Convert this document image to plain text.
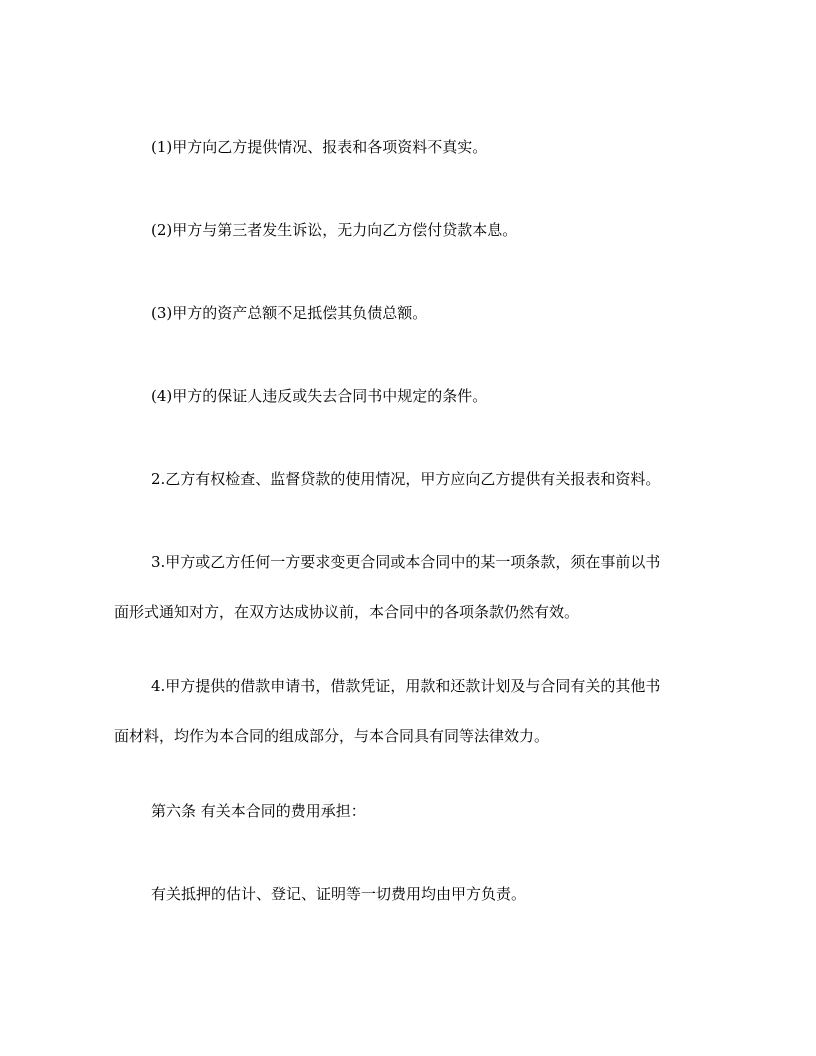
(1)甲方向乙方提供情况、报表和各项资料不真实。

(2)甲方与第三者发生诉讼，无力向乙方偿付贷款本息。

(3)甲方的资产总额不足抵偿其负债总额。

(4)甲方的保证人违反或失去合同书中规定的条件。

2.乙方有权检查、监督贷款的使用情况，甲方应向乙方提供有关报表和资料。

3.甲方或乙方任何一方要求变更合同或本合同中的某一项条款，须在事前以书
面形式通知对方，在双方达成协议前，本合同中的各项条款仍然有效。

4.甲方提供的借款申请书，借款凭证，用款和还款计划及与合同有关的其他书
面材料，均作为本合同的组成部分，与本合同具有同等法律效力。

第六条 有关本合同的费用承担：

有关抵押的估计、登记、证明等一切费用均由甲方负责。
